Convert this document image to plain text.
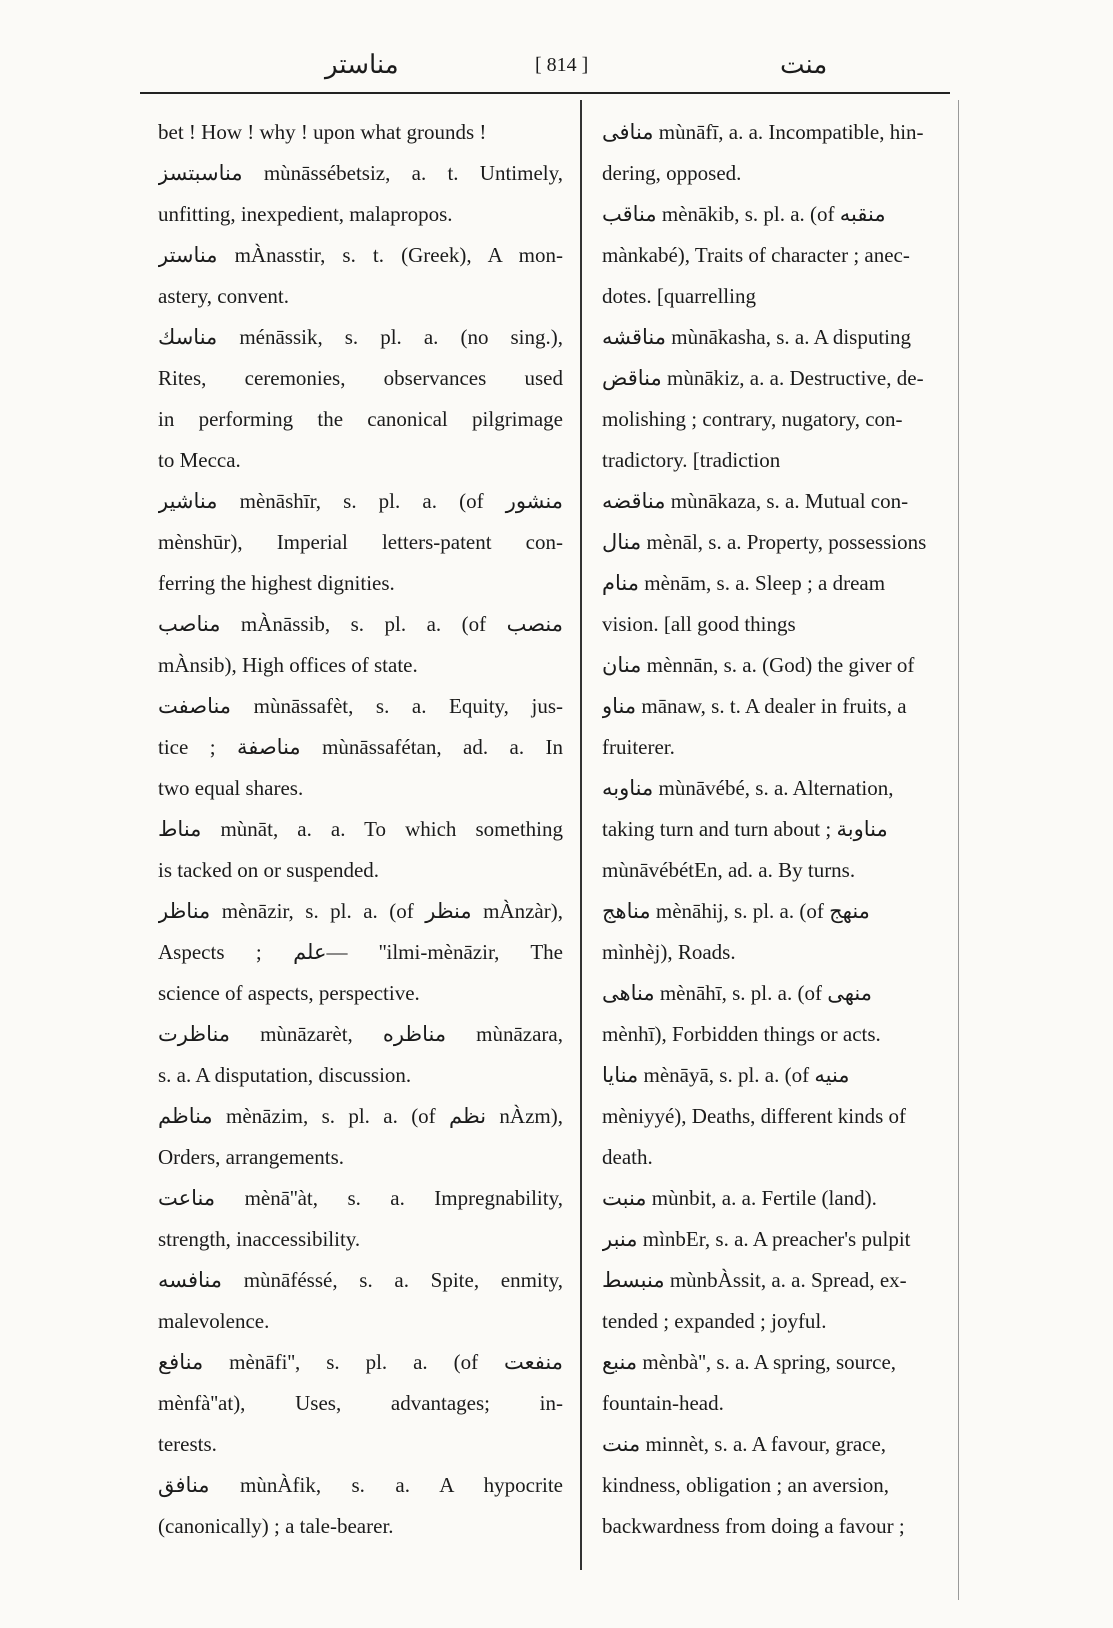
مناستر	[ 814 ]	منت
bet ! How ! why ! upon what grounds !
مناسبتسز mùnāssébetsiz, a. t. Untimely,
unfitting, inexpedient, malapropos.
مناستر mÀnasstir, s. t. (Greek), A mon-
astery, convent.
مناسك ménāssik, s. pl. a. (no sing.),
Rites, ceremonies, observances used
in performing the canonical pilgrimage
to Mecca.
مناشير mènāshīr, s. pl. a. (of منشور
mènshūr), Imperial letters-patent con-
ferring the highest dignities.
مناصب mÀnāssib, s. pl. a. (of منصب
mÀnsib), High offices of state.
مناصفت mùnāssafèt, s. a. Equity, jus-
tice ; مناصفة mùnāssafétan, ad. a. In
two equal shares.
مناط mùnāt, a. a. To which something
is tacked on or suspended.
مناظر mènāzir, s. pl. a. (of منظر mÀnzàr),
Aspects ; علم— ''ilmi-mènāzir, The
science of aspects, perspective.
مناظرت mùnāzarèt, مناظره mùnāzara,
s. a. A disputation, discussion.
مناظم mènāzim, s. pl. a. (of نظم nÀzm),
Orders, arrangements.
مناعت mènā''àt, s. a. Impregnability,
strength, inaccessibility.
منافسه mùnāféssé, s. a. Spite, enmity,
malevolence.
منافع mènāfi'', s. pl. a. (of منفعت
mènfà''at), Uses, advantages; in-
terests.
منافق mùnÀfik, s. a. A hypocrite
(canonically) ; a tale-bearer.
منافى mùnāfī, a. a. Incompatible, hin-
dering, opposed.
مناقب mènākib, s. pl. a. (of منقبه
mànkabé), Traits of character ; anec-
dotes. [quarrelling
مناقشه mùnākasha, s. a. A disputing
مناقض mùnākiz, a. a. Destructive, de-
molishing ; contrary, nugatory, con-
tradictory. [tradiction
مناقضه mùnākaza, s. a. Mutual con-
منال mènāl, s. a. Property, possessions
منام mènām, s. a. Sleep ; a dream
vision. [all good things
منان mènnān, s. a. (God) the giver of
مناو mānaw, s. t. A dealer in fruits, a
fruiterer.
مناوبه mùnāvébé, s. a. Alternation,
taking turn and turn about ; مناوبة
mùnāvébétEn, ad. a. By turns.
مناهج mènāhij, s. pl. a. (of منهج
mìnhèj), Roads.
مناهى mènāhī, s. pl. a. (of منهى
mènhī), Forbidden things or acts.
منايا mènāyā, s. pl. a. (of منيه
mèniyyé), Deaths, different kinds of
death.
منبت mùnbit, a. a. Fertile (land).
منبر mìnbEr, s. a. A preacher's pulpit
منبسط mùnbÀssit, a. a. Spread, ex-
tended ; expanded ; joyful.
منبع mènbà'', s. a. A spring, source,
fountain-head.
منت minnèt, s. a. A favour, grace,
kindness, obligation ; an aversion,
backwardness from doing a favour ;
